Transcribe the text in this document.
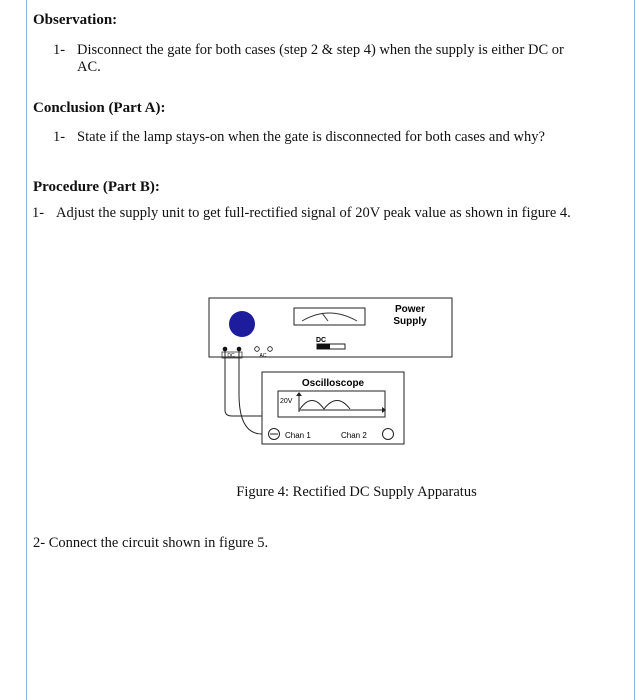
Observation:
1- Disconnect the gate for both cases (step 2 & step 4) when the supply is either DC or
AC.
Conclusion (Part A):
1- State if the lamp stays-on when the gate is disconnected for both cases and why?
Procedure (Part B):
1- Adjust the supply unit to get full-rectified signal of 20V peak value as shown in figure 4.
Power
Supply
DC
DC	AC
Oscilloscope
20V
Chan 1	Chan 2
Figure 4: Rectified DC Supply Apparatus
2- Connect the circuit shown in figure 5.
